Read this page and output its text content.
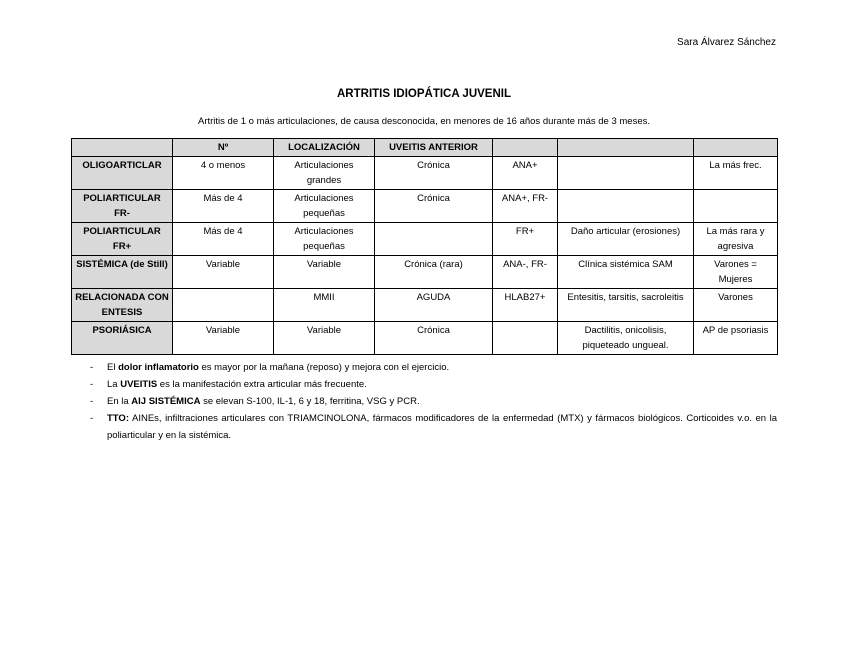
Sara Álvarez Sánchez
ARTRITIS IDIOPÁTICA JUVENIL
Artritis de 1 o más articulaciones, de causa desconocida, en menores de 16 años durante más de 3 meses.
	Nº	LOCALIZACIÓN	UVEITIS ANTERIOR			
OLIGOARTICLAR	4 o menos	Articulaciones grandes	Crónica	ANA+		La más frec.
POLIARTICULAR FR-	Más de 4	Articulaciones pequeñas	Crónica	ANA+, FR-		
POLIARTICULAR FR+	Más de 4	Articulaciones pequeñas		FR+	Daño articular (erosiones)	La más rara y agresiva
SISTÉMICA (de Still)	Variable	Variable	Crónica (rara)	ANA-, FR-	Clínica sistémica SAM	Varones = Mujeres
RELACIONADA CON ENTESIS		MMII	AGUDA	HLAB27+	Entesitis, tarsitis, sacroleitis	Varones
PSORIÁSICA	Variable	Variable	Crónica		Dactilitis, onicolisis, piqueteado ungueal.	AP de psoriasis
-	El dolor inflamatorio es mayor por la mañana (reposo) y mejora con el ejercicio.
-	La UVEITIS es la manifestación extra articular más frecuente.
-	En la AIJ SISTÉMICA se elevan S-100, IL-1, 6 y 18, ferritina, VSG y PCR.
-	TTO: AINEs, infiltraciones articulares con TRIAMCINOLONA, fármacos modificadores de la enfermedad (MTX) y fármacos biológicos. Corticoides v.o. en la poliarticular y en la sistémica.
